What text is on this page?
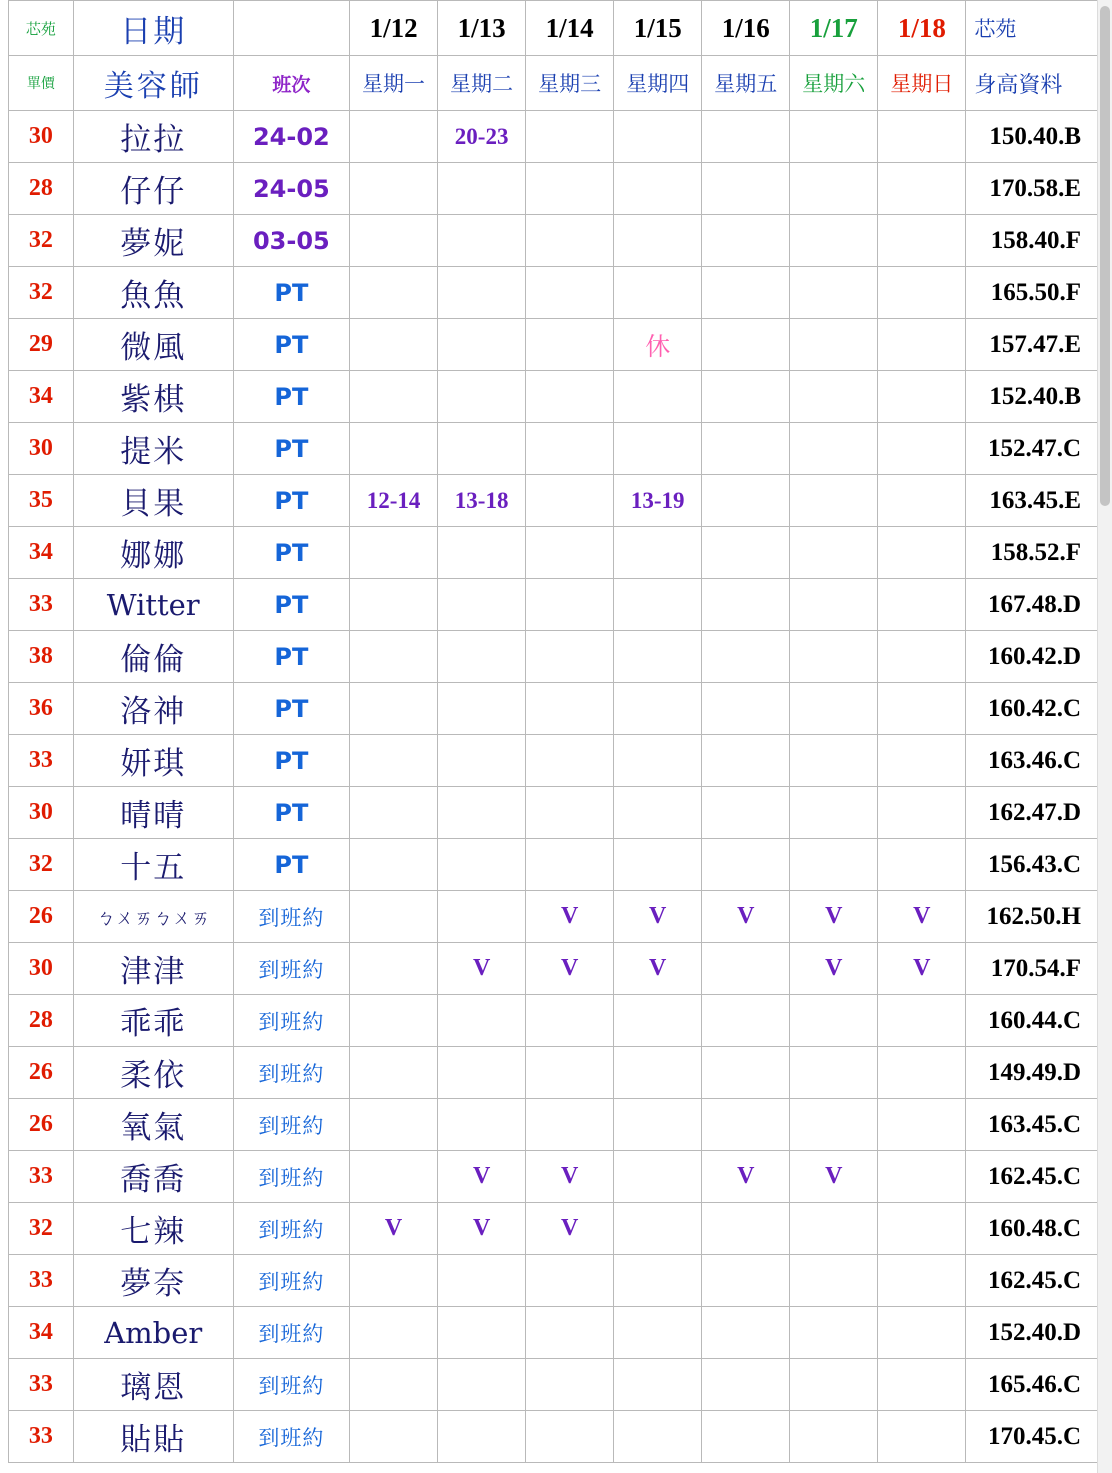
芯苑	日期		1/12	1/13	1/14	1/15	1/16	1/17	1/18	芯苑
單價	美容師	班次	星期一	星期二	星期三	星期四	星期五	星期六	星期日	身高資料
30	拉拉	24-02		20-23						150.40.B
28	仔仔	24-05								170.58.E
32	夢妮	03-05								158.40.F
32	魚魚	PT								165.50.F
29	微風	PT				休				157.47.E
34	紫棋	PT								152.40.B
30	提米	PT								152.47.C
35	貝果	PT	12-14	13-18		13-19				163.45.E
34	娜娜	PT								158.52.F
33	Witter	PT								167.48.D
38	倫倫	PT								160.42.D
36	洛神	PT								160.42.C
33	妍琪	PT								163.46.C
30	晴晴	PT								162.47.D
32	十五	PT								156.43.C
26	ㄅㄨㄞㄅㄨㄞ	到班約			V	V	V	V	V	162.50.H
30	津津	到班約		V	V	V		V	V	170.54.F
28	乖乖	到班約								160.44.C
26	柔依	到班約								149.49.D
26	氧氣	到班約								163.45.C
33	喬喬	到班約		V	V		V	V		162.45.C
32	七辣	到班約	V	V	V					160.48.C
33	夢奈	到班約								162.45.C
34	Amber	到班約								152.40.D
33	璃恩	到班約								165.46.C
33	貼貼	到班約								170.45.C
